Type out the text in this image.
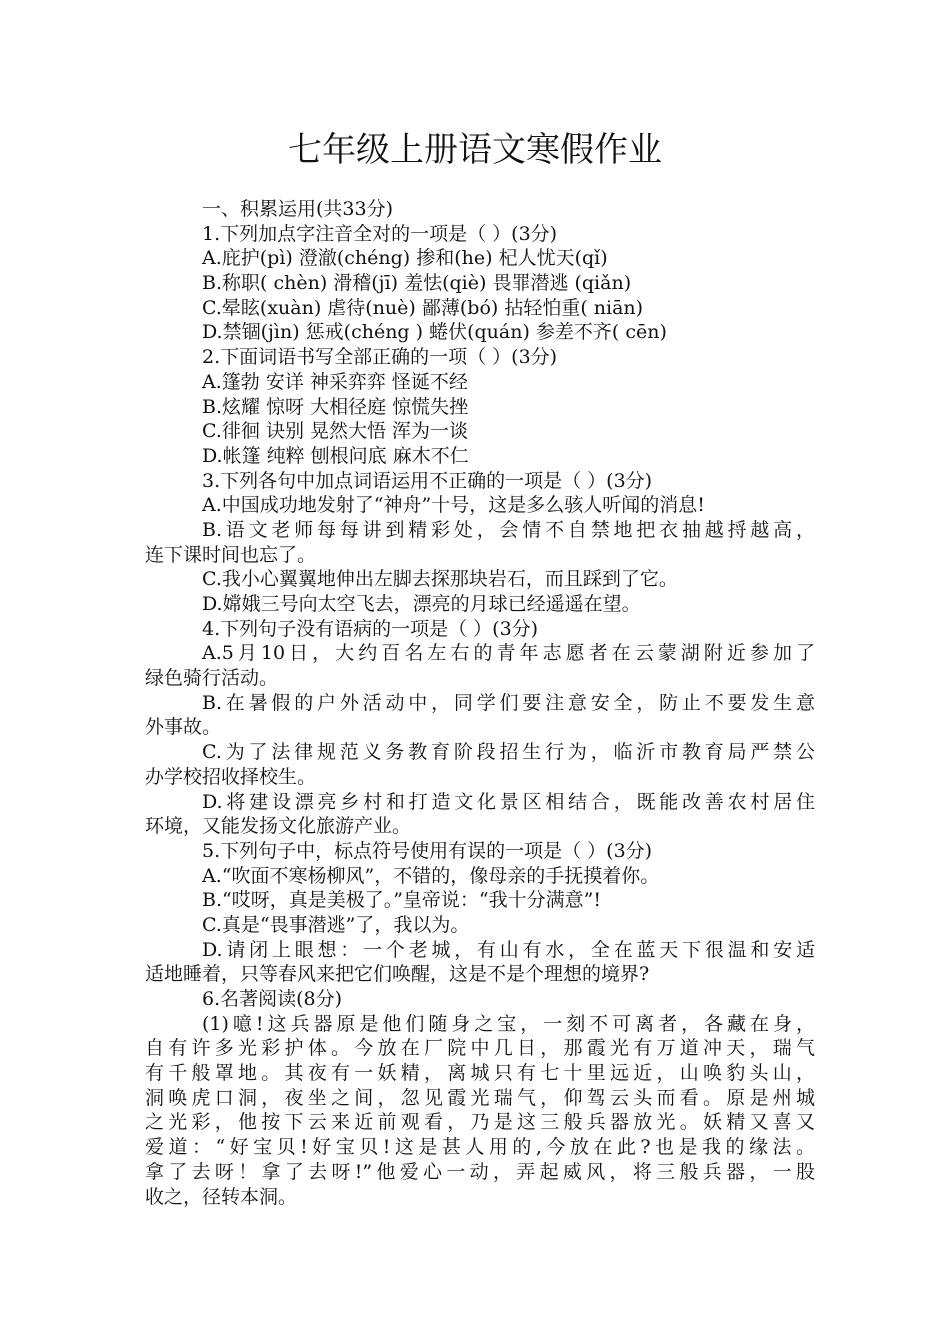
七年级上册语文寒假作业
一、积累运用(共33分)
1.下列加点字注音全对的一项是（ ）(3分)
A.庇护(pì) 澄澈(chéng) 掺和(he) 杞人忧天(qǐ)
B.称职( chèn) 滑稽(jī) 羞怯(qiè) 畏罪潜逃 (qiǎn)
C.晕眩(xuàn) 虐待(nuè) 鄙薄(bó) 拈轻怕重( niān)
D.禁锢(jìn) 惩戒(chéng ) 蜷伏(quán) 参差不齐( cēn)
2.下面词语书写全部正确的一项（ ）(3分)
A.篷勃 安详 神采弈弈 怪诞不经
B.炫耀 惊呀 大相径庭 惊慌失挫
C.徘徊 诀别 晃然大悟 浑为一谈
D.帐篷 纯粹 刨根问底 麻木不仁
3.下列各句中加点词语运用不正确的一项是（ ）(3分)
A.中国成功地发射了“神舟”十号，这是多么骇人听闻的消息!
B.语文老师每每讲到精彩处，会情不自禁地把衣抽越捋越高，
连下课时间也忘了。
C.我小心翼翼地伸出左脚去探那块岩石，而且踩到了它。
D.嫦娥三号向太空飞去，漂亮的月球已经遥遥在望。
4.下列句子没有语病的一项是（ ）(3分)
A.5月10日，大约百名左右的青年志愿者在云蒙湖附近参加了
绿色骑行活动。
B.在暑假的户外活动中，同学们要注意安全，防止不要发生意
外事故。
C.为了法律规范义务教育阶段招生行为，临沂市教育局严禁公
办学校招收择校生。
D.将建设漂亮乡村和打造文化景区相结合，既能改善农村居住
环境，又能发扬文化旅游产业。
5.下列句子中，标点符号使用有误的一项是（ ）(3分)
A.“吹面不寒杨柳风”，不错的，像母亲的手抚摸着你。
B.“哎呀，真是美极了。”皇帝说：“我十分满意”!
C.真是“畏事潜逃”了，我以为。
D.请闭上眼想：一个老城，有山有水，全在蓝天下很温和安适
适地睡着，只等春风来把它们唤醒，这是不是个理想的境界?
6.名著阅读(8分)
(1)噫!这兵器原是他们随身之宝，一刻不可离者，各藏在身，
自有许多光彩护体。今放在厂院中几日，那霞光有万道冲天，瑞气
有千般罩地。其夜有一妖精，离城只有七十里远近，山唤豹头山，
洞唤虎口洞，夜坐之间，忽见霞光瑞气，仰驾云头而看。原是州城
之光彩，他按下云来近前观看，乃是这三般兵器放光。妖精又喜又
爱道：“好宝贝!好宝贝!这是甚人用的,今放在此?也是我的缘法。
拿了去呀！拿了去呀!”他爱心一动，弄起威风，将三般兵器，一股
收之，径转本洞。
